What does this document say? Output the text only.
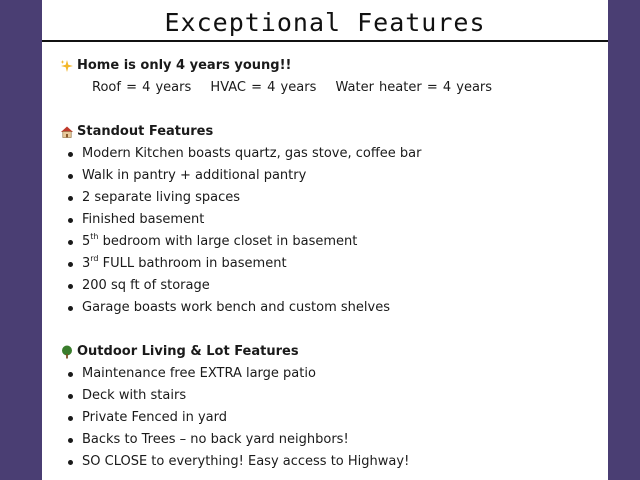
Exceptional Features
Home is only 4 years young!!
Roof = 4 years HVAC = 4 years Water heater = 4 years
Standout Features
Modern Kitchen boasts quartz, gas stove, coffee bar
Walk in pantry + additional pantry
2 separate living spaces
Finished basement
5th bedroom with large closet in basement
3rd FULL bathroom in basement
200 sq ft of storage
Garage boasts work bench and custom shelves
Outdoor Living & Lot Features
Maintenance free EXTRA large patio
Deck with stairs
Private Fenced in yard
Backs to Trees – no back yard neighbors!
SO CLOSE to everything! Easy access to Highway!
